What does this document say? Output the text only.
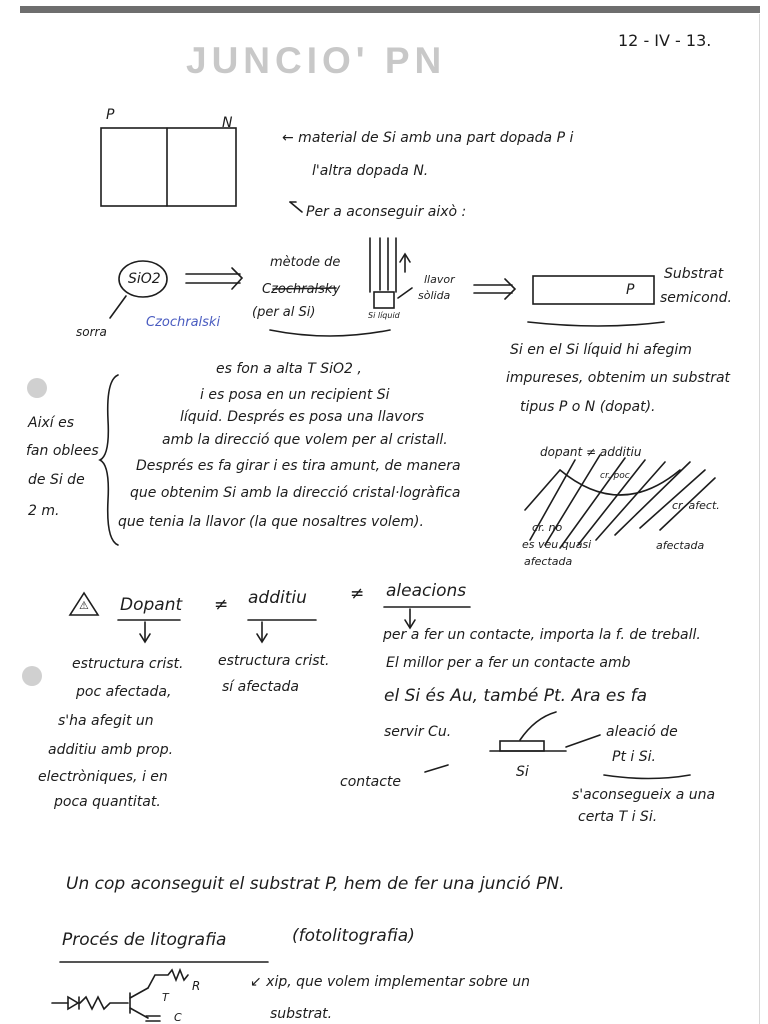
JUNCIO' PN	12 - IV - 13.
P	N
← material de Si amb una part dopada P i
l'altra dopada N.
Per a aconseguir això :
SiO2
sorra
mètode de
Czochralsky
Czochralski
(per al Si)
llavor
sòlida
Si líquid
P
Substrat
semicond.
Si en el Si líquid hi afegim
impureses, obtenim un substrat
tipus P o N (dopat).
Així es
fan oblees
de Si de
2 m.
es fon a alta T SiO2 ,
i es posa en un recipient Si
líquid. Després es posa una llavors
amb la direcció que volem per al cristall.
Després es fa girar i es tira amunt, de manera
que obtenim Si amb la direcció cristal·logràfica
que tenia la llavor (la que nosaltres volem).
dopant ≠ additiu
cr. poc
cr. afect.
cr. no
es veu quasi
afectada
afectada
⚠ Dopant ≠ additiu	≠ aleacions
estructura crist.
poc afectada,
s'ha afegit un
additiu amb prop.
electròniques, i en
poca quantitat.
estructura crist.
sí afectada
per a fer un contacte, importa la f. de treball.
El millor per a fer un contacte amb
el Si és Au, també Pt. Ara es fa
servir Cu.
contacte
Si
aleació de
Pt i Si.
s'aconsegueix a una
certa T i Si.
Un cop aconseguit el substrat P, hem de fer una junció PN.
Procés de litografia	(fotolitografia)
↙ xip, que volem implementar sobre un
substrat.
R
T
C
